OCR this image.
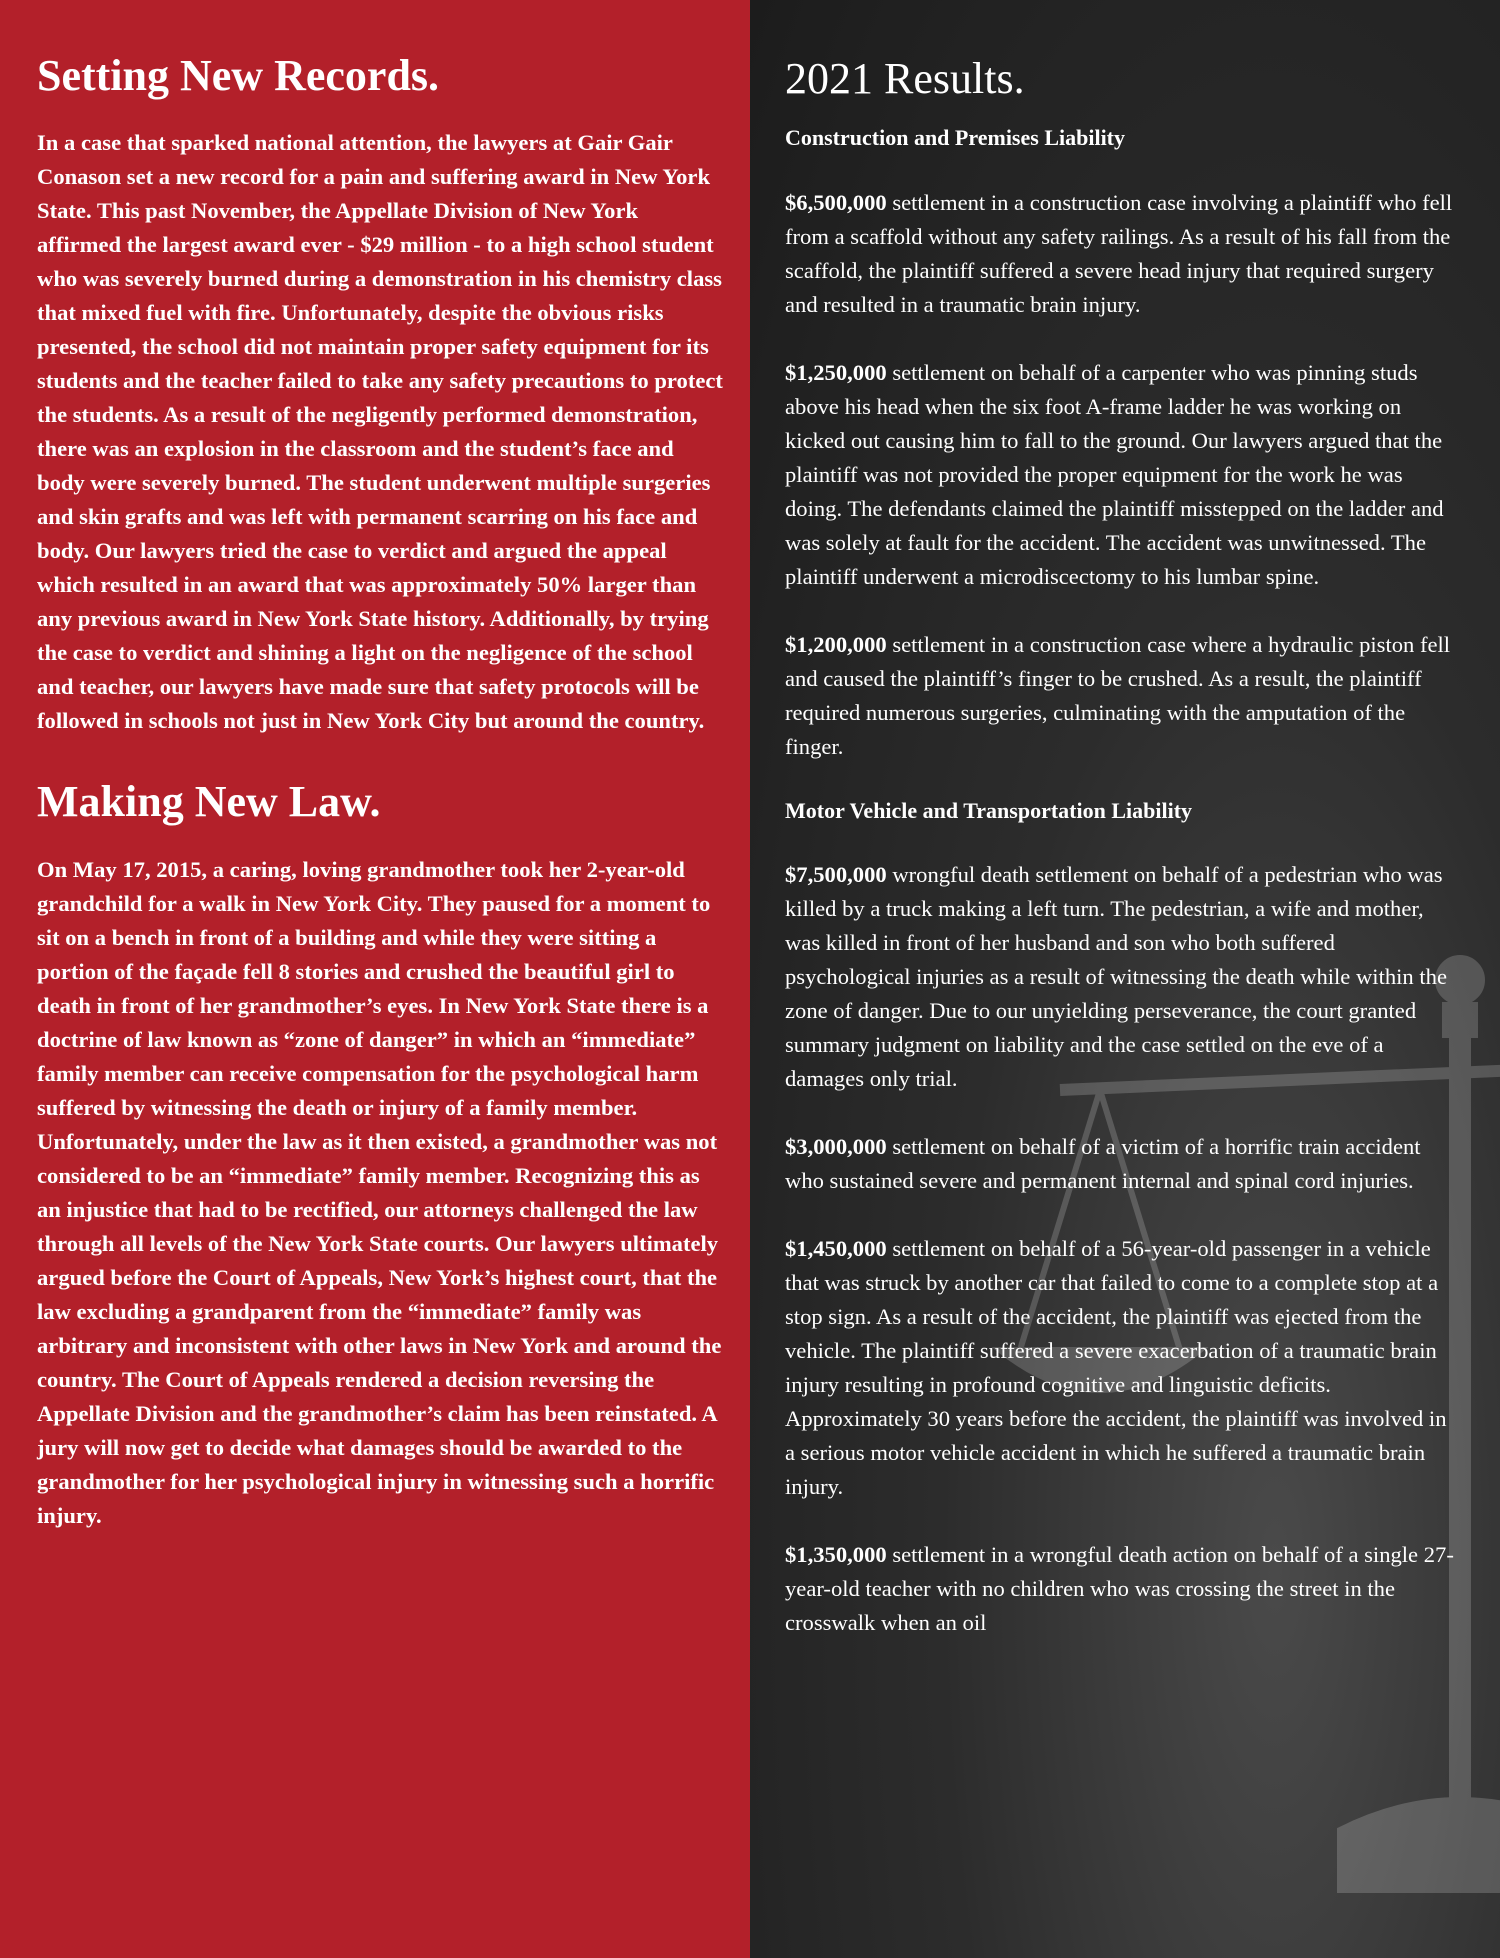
Setting New Records.

In a case that sparked national attention, the lawyers at Gair Gair Conason set a new record for a pain and suffering award in New York State. This past November, the Appellate Division of New York affirmed the largest award ever - $29 million - to a high school student who was severely burned during a demonstration in his chemistry class that mixed fuel with fire. Unfortunately, despite the obvious risks presented, the school did not maintain proper safety equipment for its students and the teacher failed to take any safety precautions to protect the students. As a result of the negligently performed demonstration, there was an explosion in the classroom and the student’s face and body were severely burned. The student underwent multiple surgeries and skin grafts and was left with permanent scarring on his face and body. Our lawyers tried the case to verdict and argued the appeal which resulted in an award that was approximately 50% larger than any previous award in New York State history. Additionally, by trying the case to verdict and shining a light on the negligence of the school and teacher, our lawyers have made sure that safety protocols will be followed in schools not just in New York City but around the country.

Making New Law.

On May 17, 2015, a caring, loving grandmother took her 2-year-old grandchild for a walk in New York City. They paused for a moment to sit on a bench in front of a building and while they were sitting a portion of the façade fell 8 stories and crushed the beautiful girl to death in front of her grandmother’s eyes. In New York State there is a doctrine of law known as “zone of danger” in which an “immediate” family member can receive compensation for the psychological harm suffered by witnessing the death or injury of a family member. Unfortunately, under the law as it then existed, a grandmother was not considered to be an “immediate” family member. Recognizing this as an injustice that had to be rectified, our attorneys challenged the law through all levels of the New York State courts. Our lawyers ultimately argued before the Court of Appeals, New York’s highest court, that the law excluding a grandparent from the “immediate” family was arbitrary and inconsistent with other laws in New York and around the country. The Court of Appeals rendered a decision reversing the Appellate Division and the grandmother’s claim has been reinstated. A jury will now get to decide what damages should be awarded to the grandmother for her psychological injury in witnessing such a horrific injury.

2021 Results.
Construction and Premises Liability

$6,500,000 settlement in a construction case involving a plaintiff who fell from a scaffold without any safety railings. As a result of his fall from the scaffold, the plaintiff suffered a severe head injury that required surgery and resulted in a traumatic brain injury.

$1,250,000 settlement on behalf of a carpenter who was pinning studs above his head when the six foot A-frame ladder he was working on kicked out causing him to fall to the ground. Our lawyers argued that the plaintiff was not provided the proper equipment for the work he was doing. The defendants claimed the plaintiff misstepped on the ladder and was solely at fault for the accident. The accident was unwitnessed. The plaintiff underwent a microdiscectomy to his lumbar spine.

$1,200,000 settlement in a construction case where a hydraulic piston fell and caused the plaintiff’s finger to be crushed. As a result, the plaintiff required numerous surgeries, culminating with the amputation of the finger.

Motor Vehicle and Transportation Liability

$7,500,000 wrongful death settlement on behalf of a pedestrian who was killed by a truck making a left turn. The pedestrian, a wife and mother, was killed in front of her husband and son who both suffered psychological injuries as a result of witnessing the death while within the zone of danger. Due to our unyielding perseverance, the court granted summary judgment on liability and the case settled on the eve of a damages only trial.

$3,000,000 settlement on behalf of a victim of a horrific train accident who sustained severe and permanent internal and spinal cord injuries.

$1,450,000 settlement on behalf of a 56-year-old passenger in a vehicle that was struck by another car that failed to come to a complete stop at a stop sign. As a result of the accident, the plaintiff was ejected from the vehicle. The plaintiff suffered a severe exacerbation of a traumatic brain injury resulting in profound cognitive and linguistic deficits. Approximately 30 years before the accident, the plaintiff was involved in a serious motor vehicle accident in which he suffered a traumatic brain injury.

$1,350,000 settlement in a wrongful death action on behalf of a single 27-year-old teacher with no children who was crossing the street in the crosswalk when an oil
